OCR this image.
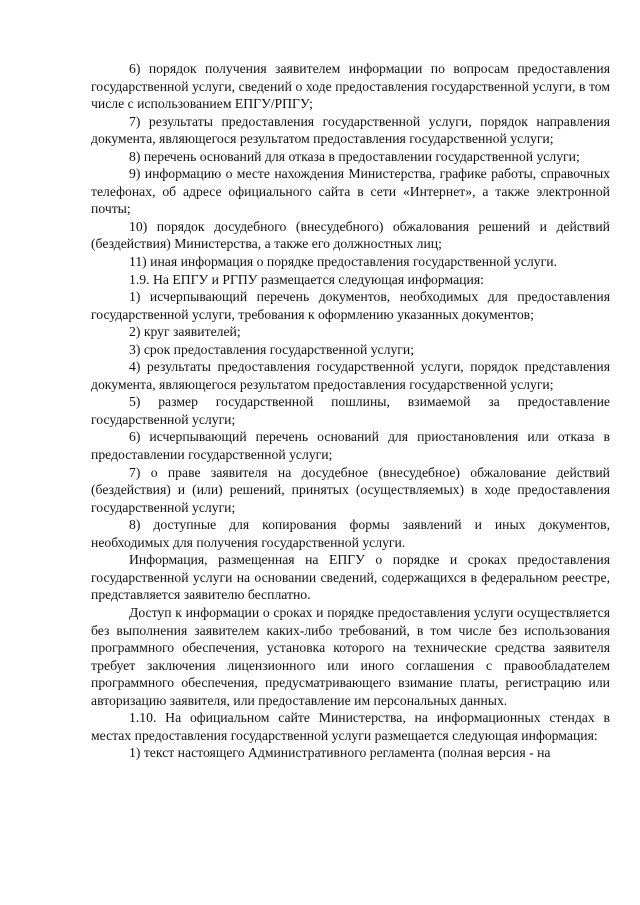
6) порядок получения заявителем информации по вопросам предоставления государственной услуги, сведений о ходе предоставления государственной услуги, в том числе с использованием ЕПГУ/РПГУ;

7) результаты предоставления государственной услуги, порядок направления документа, являющегося результатом предоставления государственной услуги;

8) перечень оснований для отказа в предоставлении государственной услуги;

9) информацию о месте нахождения Министерства, графике работы, справочных телефонах, об адресе официального сайта в сети «Интернет», а также электронной почты;

10) порядок досудебного (внесудебного) обжалования решений и действий (бездействия) Министерства, а также его должностных лиц;

11) иная информация о порядке предоставления государственной услуги.

1.9. На ЕПГУ и РГПУ размещается следующая информация:

1) исчерпывающий перечень документов, необходимых для предоставления государственной услуги, требования к оформлению указанных документов;

2) круг заявителей;

3) срок предоставления государственной услуги;

4) результаты предоставления государственной услуги, порядок представления документа, являющегося результатом предоставления государственной услуги;

5) размер государственной пошлины, взимаемой за предоставление государственной услуги;

6) исчерпывающий перечень оснований для приостановления или отказа в предоставлении государственной услуги;

7) о праве заявителя на досудебное (внесудебное) обжалование действий (бездействия) и (или) решений, принятых (осуществляемых) в ходе предоставления государственной услуги;

8) доступные для копирования формы заявлений и иных документов, необходимых для получения государственной услуги.

Информация, размещенная на ЕПГУ о порядке и сроках предоставления государственной услуги на основании сведений, содержащихся в федеральном реестре, представляется заявителю бесплатно.

Доступ к информации о сроках и порядке предоставления услуги осуществляется без выполнения заявителем каких-либо требований, в том числе без использования программного обеспечения, установка которого на технические средства заявителя требует заключения лицензионного или иного соглашения с правообладателем программного обеспечения, предусматривающего взимание платы, регистрацию или авторизацию заявителя, или предоставление им персональных данных.

1.10. На официальном сайте Министерства, на информационных стендах в местах предоставления государственной услуги размещается следующая информация:

1) текст настоящего Административного регламента (полная версия - на
